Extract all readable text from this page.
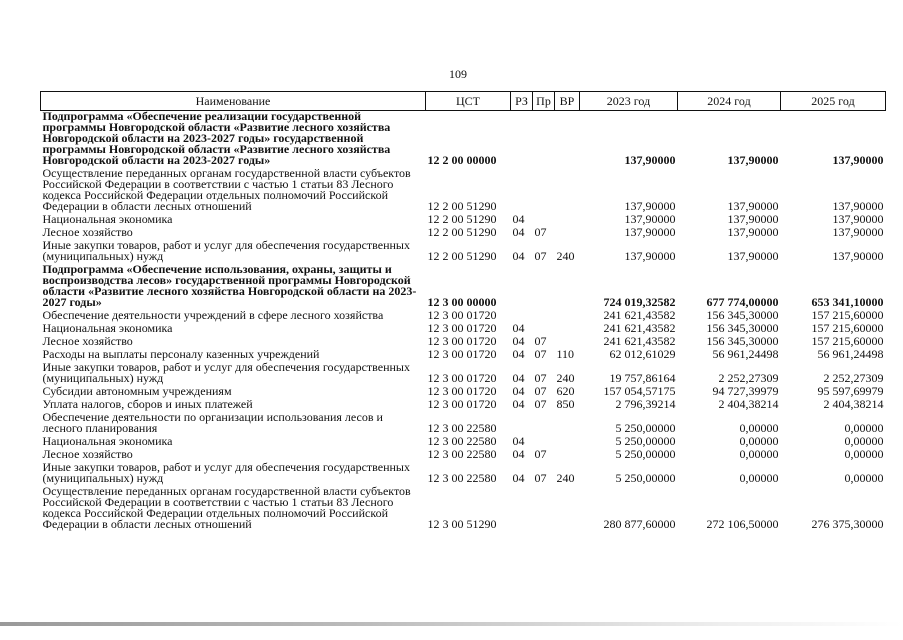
109
Наименование	ЦСТ	РЗ	Пр	ВР	2023 год	2024 год	2025 год
Подпрограмма «Обеспечение реализации государственной программы Новгородской области «Развитие лесного хозяйства Новгородской области на 2023-2027 годы» государственной программы Новгородской области «Развитие лесного хозяйства Новгородской области на 2023-2027 годы»	12 2 00 00000				137,90000	137,90000	137,90000
Осуществление переданных органам государственной власти субъектов Российской Федерации в соответствии с частью 1 статьи 83 Лесного кодекса Российской Федерации отдельных полномочий Российской Федерации в области лесных отношений	12 2 00 51290				137,90000	137,90000	137,90000
Национальная экономика	12 2 00 51290	04			137,90000	137,90000	137,90000
Лесное хозяйство	12 2 00 51290	04	07		137,90000	137,90000	137,90000
Иные закупки товаров, работ и услуг для обеспечения государственных (муниципальных) нужд	12 2 00 51290	04	07	240	137,90000	137,90000	137,90000
Подпрограмма «Обеспечение использования, охраны, защиты и воспроизводства лесов» государственной программы Новгородской области «Развитие лесного хозяйства Новгородской области на 2023-2027 годы»	12 3 00 00000				724 019,32582	677 774,00000	653 341,10000
Обеспечение деятельности учреждений в сфере лесного хозяйства	12 3 00 01720				241 621,43582	156 345,30000	157 215,60000
Национальная экономика	12 3 00 01720	04			241 621,43582	156 345,30000	157 215,60000
Лесное хозяйство	12 3 00 01720	04	07		241 621,43582	156 345,30000	157 215,60000
Расходы на выплаты персоналу казенных учреждений	12 3 00 01720	04	07	110	62 012,61029	56 961,24498	56 961,24498
Иные закупки товаров, работ и услуг для обеспечения государственных (муниципальных) нужд	12 3 00 01720	04	07	240	19 757,86164	2 252,27309	2 252,27309
Субсидии автономным учреждениям	12 3 00 01720	04	07	620	157 054,57175	94 727,39979	95 597,69979
Уплата налогов, сборов и иных платежей	12 3 00 01720	04	07	850	2 796,39214	2 404,38214	2 404,38214
Обеспечение деятельности по организации использования лесов и лесного планирования	12 3 00 22580				5 250,00000	0,00000	0,00000
Национальная экономика	12 3 00 22580	04			5 250,00000	0,00000	0,00000
Лесное хозяйство	12 3 00 22580	04	07		5 250,00000	0,00000	0,00000
Иные закупки товаров, работ и услуг для обеспечения государственных (муниципальных) нужд	12 3 00 22580	04	07	240	5 250,00000	0,00000	0,00000
Осуществление переданных органам государственной власти субъектов Российской Федерации в соответствии с частью 1 статьи 83 Лесного кодекса Российской Федерации отдельных полномочий Российской Федерации в области лесных отношений	12 3 00 51290				280 877,60000	272 106,50000	276 375,30000
